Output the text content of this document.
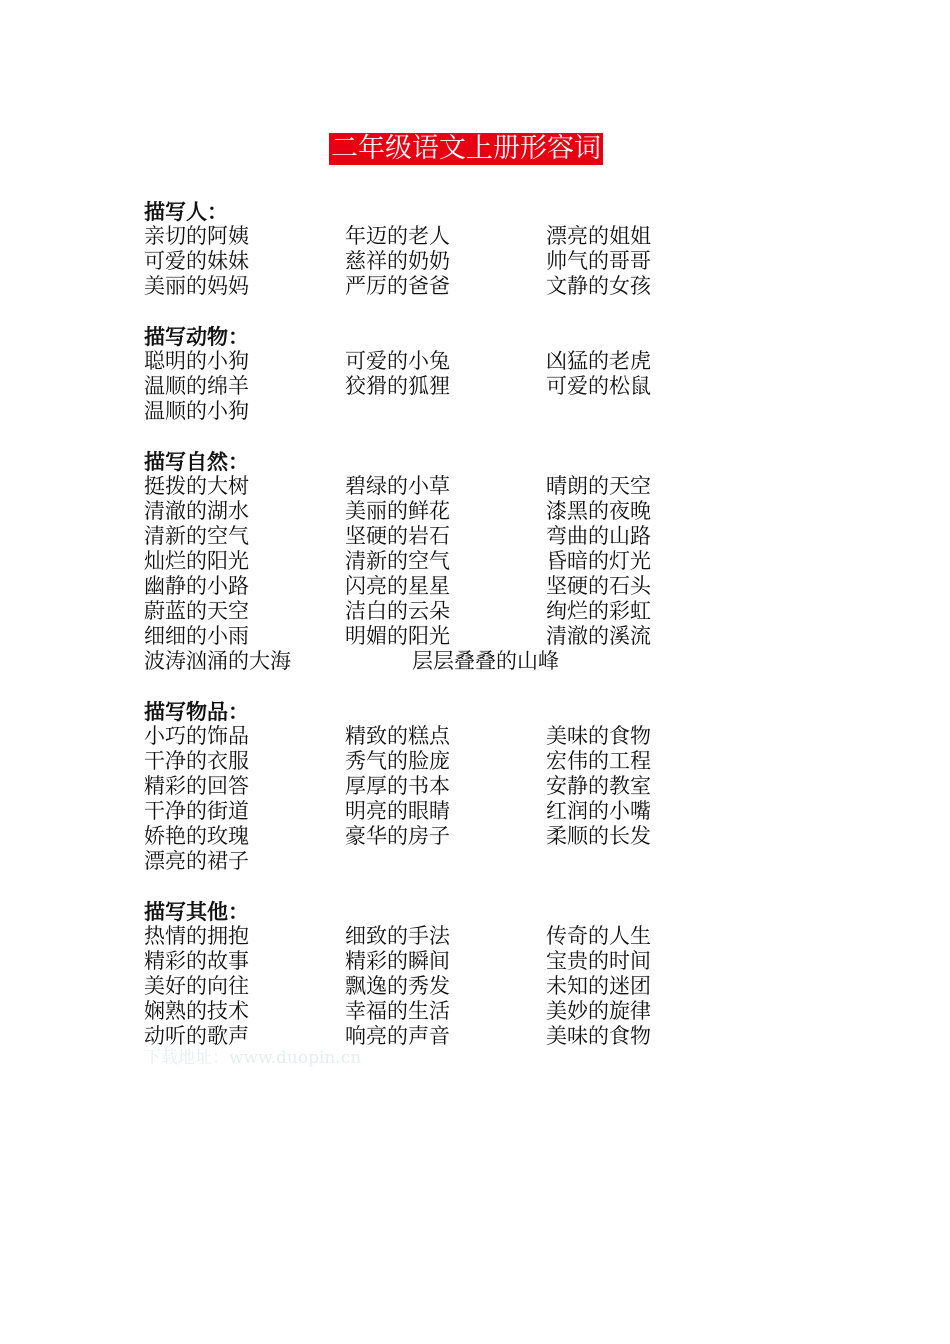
二年级语文上册形容词
描写人：
亲切的阿姨	年迈的老人	漂亮的姐姐
可爱的妹妹	慈祥的奶奶	帅气的哥哥
美丽的妈妈	严厉的爸爸	文静的女孩
描写动物：
聪明的小狗	可爱的小兔	凶猛的老虎
温顺的绵羊	狡猾的狐狸	可爱的松鼠
温顺的小狗
描写自然：
挺拨的大树	碧绿的小草	晴朗的天空
清澈的湖水	美丽的鲜花	漆黑的夜晚
清新的空气	坚硬的岩石	弯曲的山路
灿烂的阳光	清新的空气	昏暗的灯光
幽静的小路	闪亮的星星	坚硬的石头
蔚蓝的天空	洁白的云朵	绚烂的彩虹
细细的小雨	明媚的阳光	清澈的溪流
波涛汹涌的大海	层层叠叠的山峰
描写物品：
小巧的饰品	精致的糕点	美味的食物
干净的衣服	秀气的脸庞	宏伟的工程
精彩的回答	厚厚的书本	安静的教室
干净的街道	明亮的眼睛	红润的小嘴
娇艳的玫瑰	豪华的房子	柔顺的长发
漂亮的裙子
描写其他：
热情的拥抱	细致的手法	传奇的人生
精彩的故事	精彩的瞬间	宝贵的时间
美好的向往	飘逸的秀发	未知的迷团
娴熟的技术	幸福的生活	美妙的旋律
动听的歌声	响亮的声音	美味的食物
下载地址：www.duopin.cn
